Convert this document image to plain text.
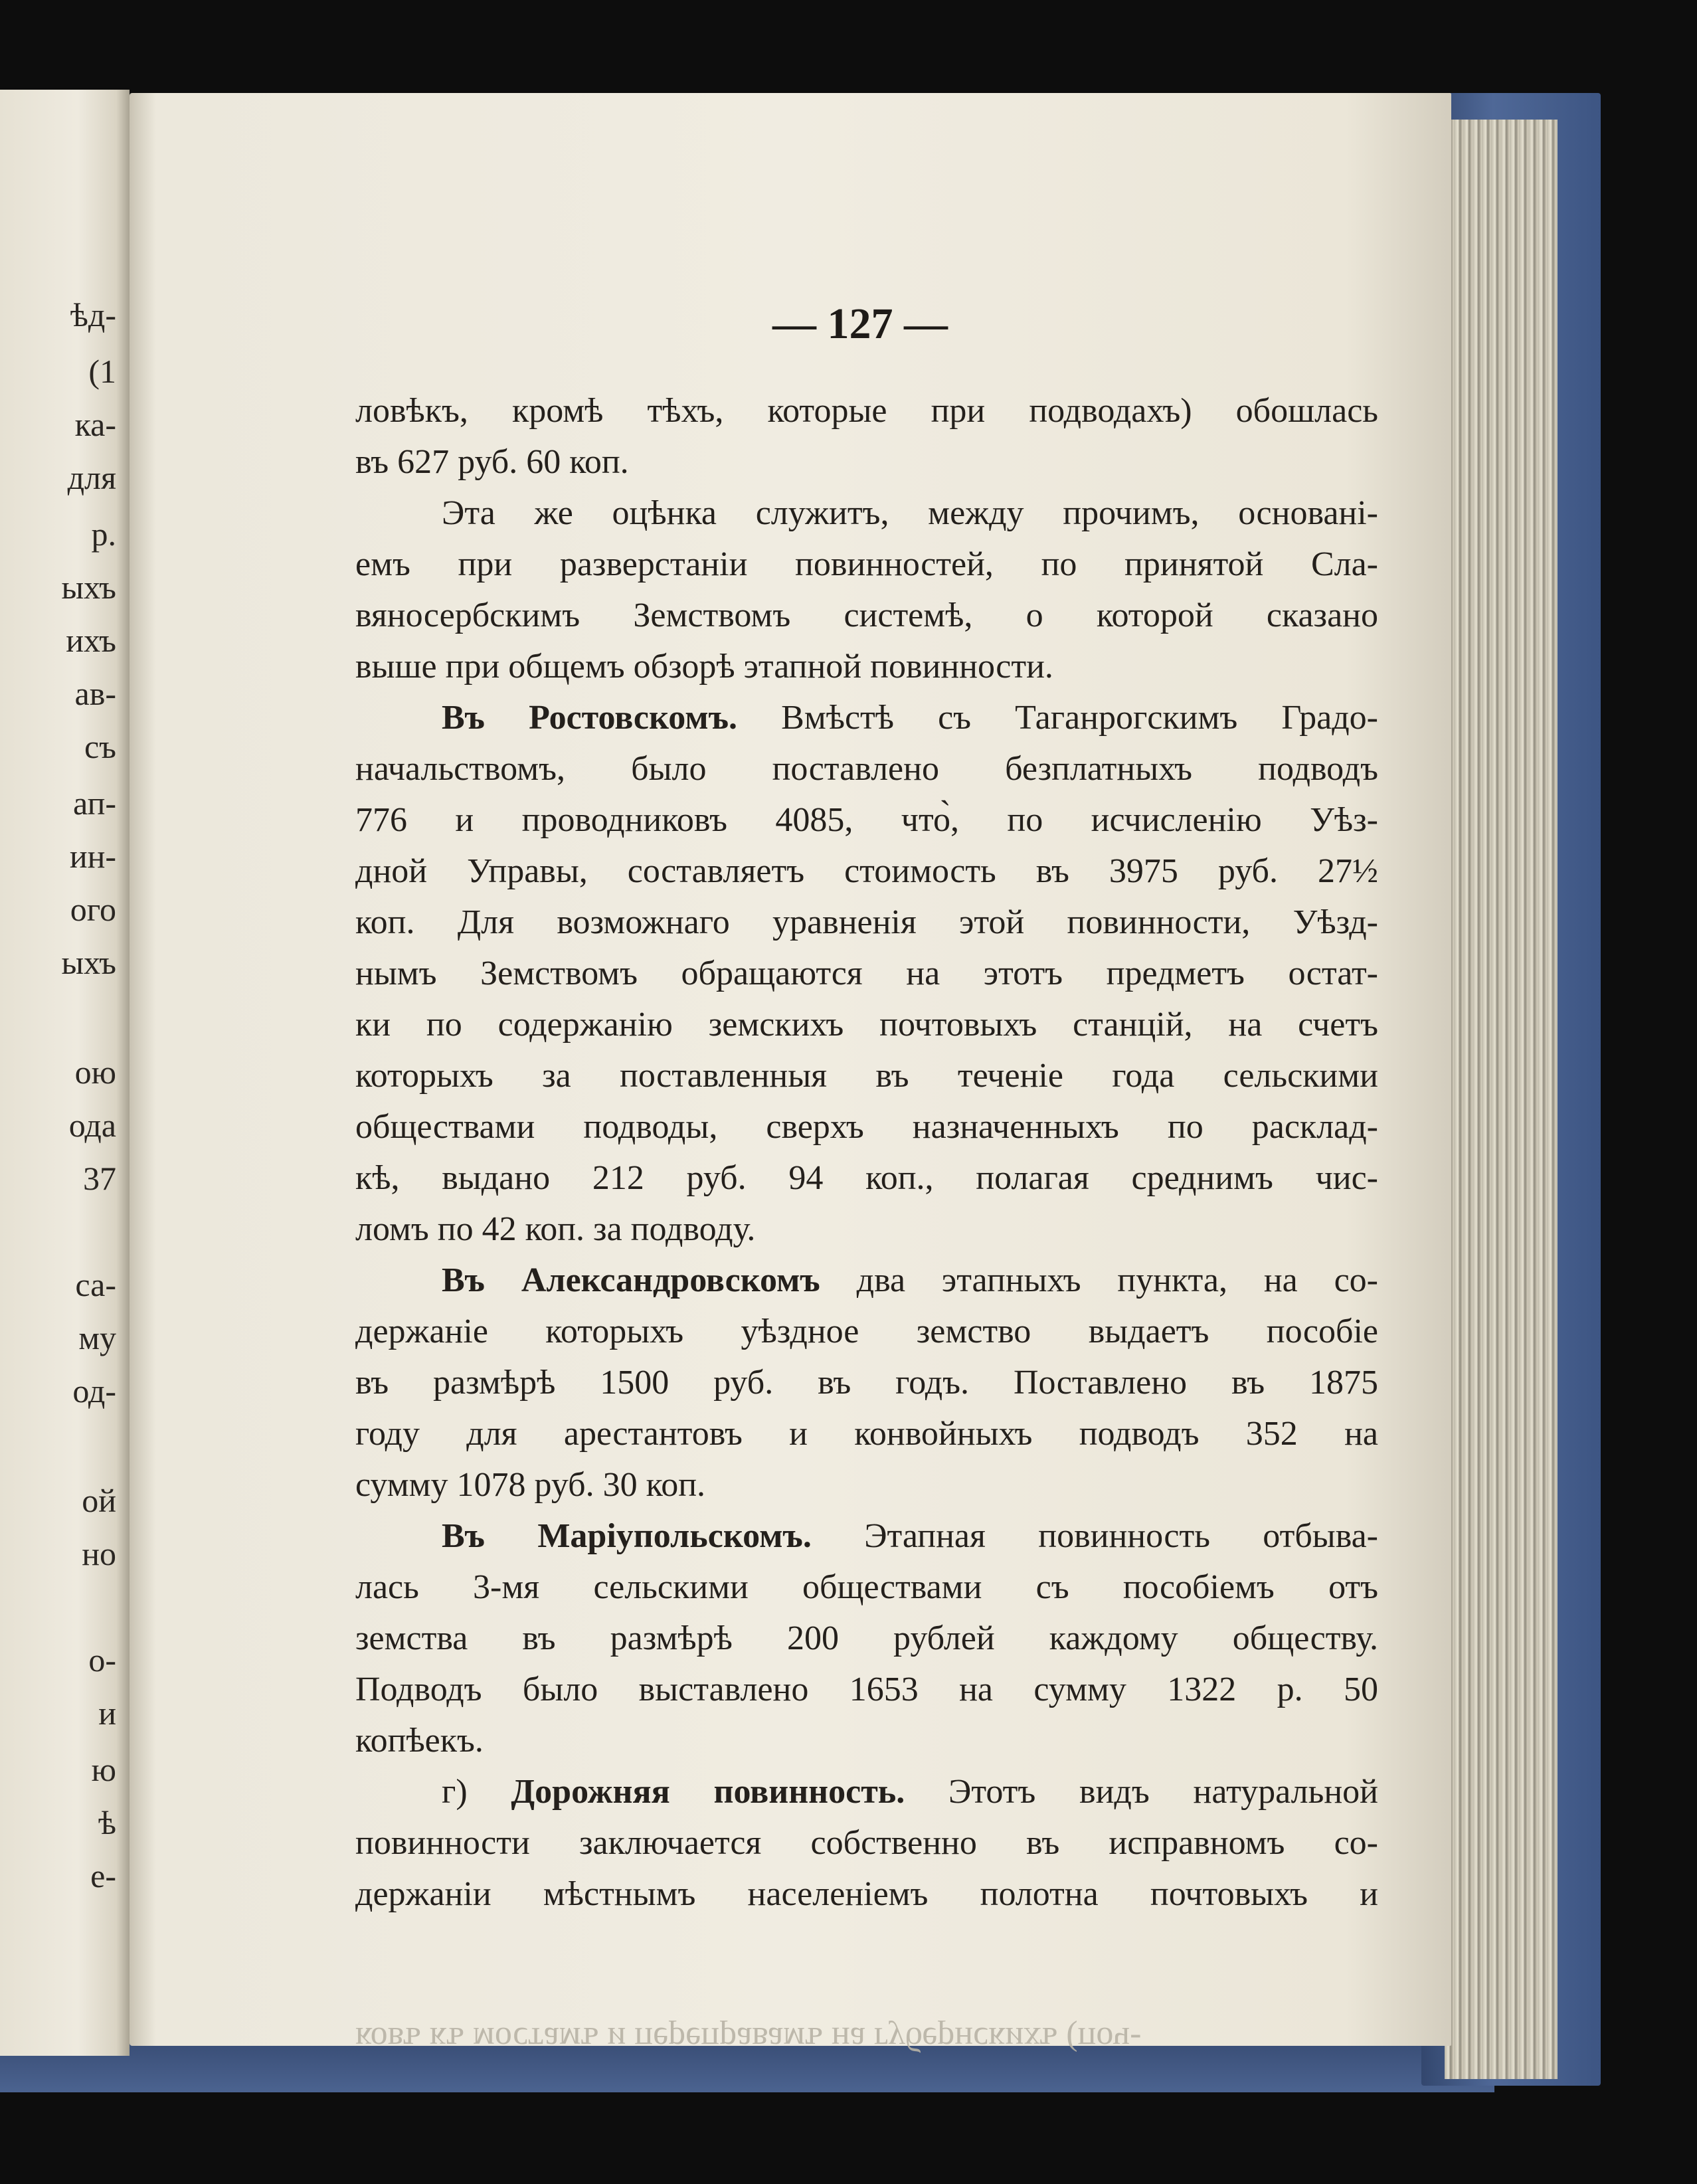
ѣд-
(1
ка-
для
р.
ыхъ
ихъ
ав-
съ
ап-
ин-
ого
ыхъ
ою
ода
37
са-
му
од-
ой
но
о-
и
ю
ѣ
е-
— 127 —
ловѣкъ, кромѣ тѣхъ, которые при подводахъ) обошлась
въ 627 руб. 60 коп.
Эта же оцѣнка служитъ, между прочимъ, основані-
емъ при разверстаніи повинностей, по принятой Сла-
вяносербскимъ Земствомъ системѣ, о которой сказано
выше при общемъ обзорѣ этапной повинности.
Въ Ростовскомъ. Вмѣстѣ съ Таганрогскимъ Градо-
начальствомъ, было поставлено безплатныхъ подводъ
776 и проводниковъ 4085, что̀, по исчисленію Уѣз-
дной Управы, составляетъ стоимость въ 3975 руб. 27½
коп. Для возможнаго уравненія этой повинности, Уѣзд-
нымъ Земствомъ обращаются на этотъ предметъ остат-
ки по содержанію земскихъ почтовыхъ станцій, на счетъ
которыхъ за поставленныя въ теченіе года сельскими
обществами подводы, сверхъ назначенныхъ по расклад-
кѣ, выдано 212 руб. 94 коп., полагая среднимъ чис-
ломъ по 42 коп. за подводу.
Въ Александровскомъ два этапныхъ пункта, на со-
держаніе которыхъ уѣздное земство выдаетъ пособіе
въ размѣрѣ 1500 руб. въ годъ. Поставлено въ 1875
году для арестантовъ и конвойныхъ подводъ 352 на
сумму 1078 руб. 30 коп.
Въ Маріупольскомъ. Этапная повинность отбыва-
лась 3-мя сельскими обществами съ пособіемъ отъ
земства въ размѣрѣ 200 рублей каждому обществу.
Подводъ было выставлено 1653 на сумму 1322 р. 50
копѣекъ.
г) Дорожняя повинность. Этотъ видъ натуральной
повинности заключается собственно въ исправномъ со-
держаніи мѣстнымъ населеніемъ полотна почтовыхъ и
ковъ къ мостамъ и переправамъ на губернскихъ (поч-
